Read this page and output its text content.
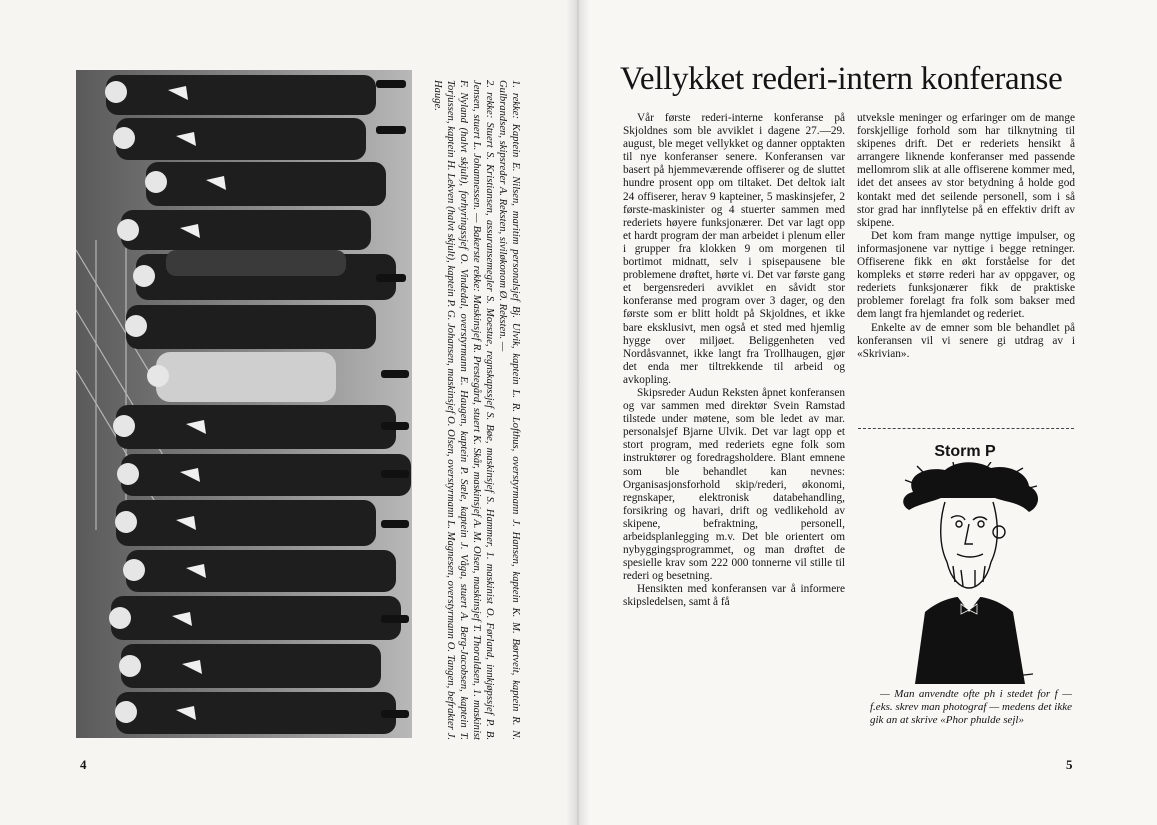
1. rekke: Kaptein E. Nilsen, maritim personalsjef Bj. Ulvik, kaptein L. R. Lofthus, overstyrmann J. Hansen, kaptein K. M. Børtveit, kaptein R. N. Gulbrandsen, skipsreder A. Reksten, siviløkonom Ø. Reksten. —

2. rekke: Stuert S. Kristiansen, assuransemegler S. Moestue, regnskapssjef S. Bøe, maskinsjef S. Hammer, 1. maskinist O. Førland, innkjøpssjef P. B. Jensen, stuert L. Johannessen. — Bakerste rekke: Maskinsjef R. Prestegård, stuert K. Skår, maskinsjef A. M. Olsen, maskinsjef T. Thoraldsen, 1. maskinist F. Nyland (halvt skjult), forhyringssjef O. Vindedal, overstyrmann E. Haugen, kaptein P. Sæle, kaptein J. Våga, stuert A. Berg-Jacobsen, kaptein T. Torjussen, kaptein H. Lekven (halvt skjult), kaptein P. G. Johansen, maskinsjef O. Olsen, overstyrmann L. Magnesen, overstyrmann O. Tangen, befrakter J. Hauge.

4
Vellykket rederi-intern konferanse

Vår første rederi-interne konferanse på Skjoldnes som ble avviklet i dagene 27.—29. august, ble meget vellykket og danner opptakten til nye konferanser senere. Konferansen var basert på hjemmeværende offiserer og de sluttet hundre prosent opp om tiltaket. Det deltok ialt 24 offiserer, herav 9 kapteiner, 5 maskinsjefer, 2 første-maskinister og 4 stuerter sammen med rederiets høyere funksjonærer. Det var lagt opp et hardt program der man arbeidet i plenum eller i grupper fra klokken 9 om morgenen til bortimot midnatt, selv i spisepausene ble problemene drøftet, hørte vi. Det var første gang et bergensrederi avviklet en såvidt stor konferanse med program over 3 dager, og den første som er blitt holdt på Skjoldnes, et ikke bare eksklusivt, men også et sted med hjemlig hygge over miljøet. Beliggenheten ved Nordåsvannet, ikke langt fra Trollhaugen, gjør det enda mer tiltrekkende til arbeid og avkopling.

Skipsreder Audun Reksten åpnet konferansen og var sammen med direktør Svein Ramstad tilstede under møtene, som ble ledet av mar. personalsjef Bjarne Ulvik. Det var lagt opp et stort program, med rederiets egne folk som instruktører og foredragsholdere. Blant emnene som ble behandlet kan nevnes: Organisasjonsforhold skip/rederi, økonomi, regnskaper, elektronisk databehandling, forsikring og havari, drift og vedlikehold av skipene, befraktning, personell, arbeidsplanlegging m.v. Det ble orientert om nybyggingsprogrammet, og man drøftet de spesielle krav som 222 000 tonnerne vil stille til rederi og besetning.

Hensikten med konferansen var å informere skipsledelsen, samt å få

utveksle meninger og erfaringer om de mange forskjellige forhold som har tilknytning til skipenes drift. Det er rederiets hensikt å arrangere liknende konferanser med passende mellomrom slik at alle offiserene kommer med, idet det ansees av stor betydning å holde god kontakt med det seilende personell, som i så stor grad har innflytelse på en effektiv drift av skipene.

Det kom fram mange nyttige impulser, og informasjonene var nyttige i begge retninger. Offiserene fikk en økt forståelse for det kompleks et større rederi har av oppgaver, og rederiets funksjonærer fikk de praktiske problemer forelagt fra folk som bakser med dem langt fra hjemlandet og rederiet.

Enkelte av de emner som ble behandlet på konferansen vil vi senere gi utdrag av i «Skrivian».

Storm P

— Man anvendte ofte ph i stedet for f — f.eks. skrev man photograf — medens det ikke gik an at skrive «Phor phulde sejl»

5
